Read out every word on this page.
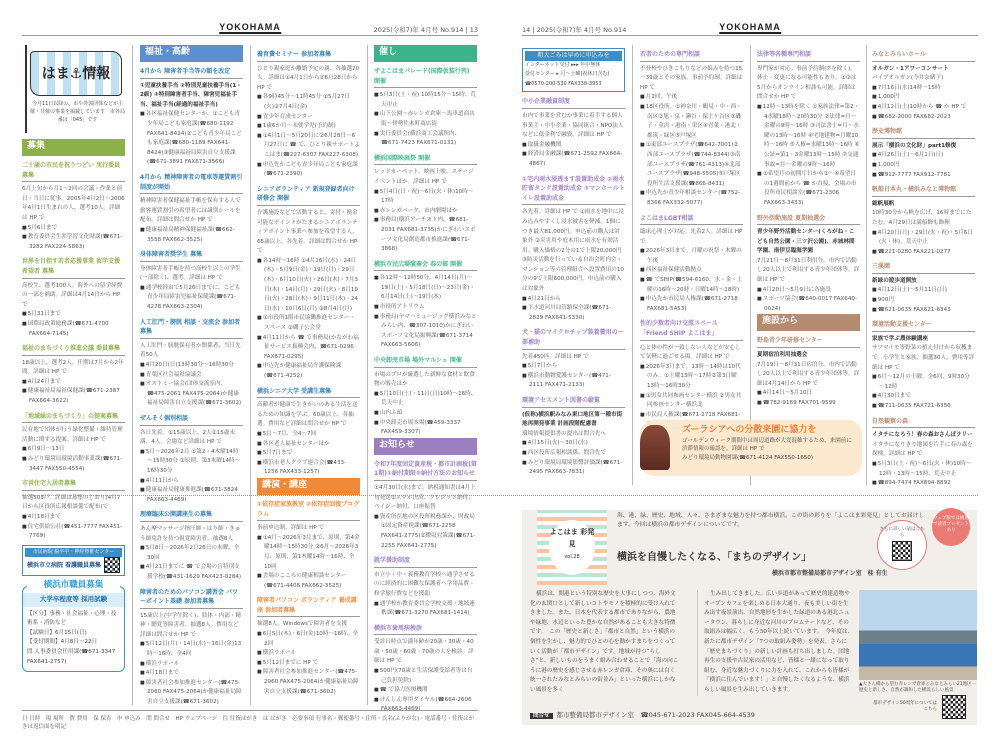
YOKOHAMA	2025(令和7)年 4月号 No.914 | 13
はま⚓情報
今月11日以降の、市や外郭団体などが主催・共催の事業を掲載しています　市外局番は「045」です
募集
二十歳の市民を祝うつどい 実行委員募集
6月上旬から月1～2回の会議・作業と前日・当日に従事。2005年4月2日～2006年4月1日生まれの人、選考10人。詳細は HP で
■ 5月6日まで
■ 教育委員会生涯学習文化財課(☎671-3282 FAX224-5863)
世界を目指す若者応援事業 留学支援希望者 募集
高校生、選考100人。海外への留学経費の一部を補助。詳細は4月14日から HP で
■ 5月31日まで
■ 国際局政策総務課(☎671-4700 FAX664-7145)
福祉のまちづくり推進会議 委員募集
18歳以上、選考2人。任期は7月から2年間。詳細は HP で
■ 4月24日まで
■ 健康福祉局福祉保健課(☎671-2387 FAX664-3622)
「地域緑のまちづくり」の提案募集
民有地で団体が行う緑化整備・維持管理活動に関する提案。詳細は HP で
■ 6月9日～13日
■ みどり環境局環境活動事業課(☎671-3447 FAX550-4554)
市営住宅入居者募集
抽選503戸。詳細は募集のしおり(4月7日から区役所広報相談係で配布)で
■ 4月18日まで
■ 住宅供給公社(☎451-7777 FAX451-7769)
市民病院 脳卒中・神経脊椎センター
横浜市立病院 看護職員募集
横浜市職員募集
大学卒程度等 採用試験
【区分】事務・社会福祉・心理・技術系・消防など
【試験日】6月15日(日)
【受付期間】4月8日～22日
問 人事委員会任用課(☎671-3347 FAX641-2757)
福祉・高齢
4月から 障害者手当等の額を改定
①児童扶養手当 ②特別児童扶養手当(1・2級) ③特別障害者手当、障害児福祉手当、福祉手当(経過的福祉手当)
■ 各区福祉保健センターか、①こども青少年局こども家庭課(☎680-1192 FAX641-8424)②こども青少年局こども家庭課(☎680-1189 FAX641-8424)③健康福祉局障害自立支援課(☎671-3891 FAX671-3566)
4月から 精神障害者の電車等運賃割引制度が開始
精神障害者保健福祉手帳を保有する人で旅客運賃割引の希望者には識別シールを配布。詳細は問合せか HP で
■ 健康福祉局精神保健福祉課(☎662-3558 FAX662-3525)
身体障害者奨学生 募集
身体障害者手帳を持つ高校生以上の学生(一部除く)、選考。詳細は HP で
■ 通学校経由で5月26日までに、こども青少年局障害児福祉保健課(☎671-4278 FAX663-2304)
人工肛門・膀胱 相談・交流会 参加者募集
人工肛門・膀胱保有者か関係者、当日先着50人
■ 4月20日(日)13時30分～16時30分
■ 青葉区社会福祉協議会
■ オストミー協会(団体交流室内、☎475-2061 FAX475-2064)か健康福祉局障害自立支援課(☎671-3602)
ぜんそく個別相談
各日先着。①15歳以上、2人②15歳未満、4人。会場など詳細は HP で
■ 5月～2026年2月 ①第2・4木曜14時～15時30分 ②原則、第3木曜14時～16時30分
■ 4月11日から
■ 健康福祉局健康推進課(☎671-3824 FAX663-4469)
理療臨床公開講座生の募集
あん摩マッサージ指圧師・はり師・きゅう師免許を持つ視覚障害者、抽選8人
■ 5月8日～2026年2月26日の木曜、全30回
■ 4月21日までに ☎ で会場の盲特別支援学校(☎431-1629 FAX423-0284)
障害者のためのパソコン講習会 パワーポイント基礎 参加者募集
15歳以上(中学生除く)、肢体・内部・精神・聴覚等障害者、抽選8人。費用など詳細は問合せか HP で
■ 5月12日(月)・14日(水)～16日(金)13時～16時、全4回
■ 横浜ラポール
■ 4月18日まで
■ 障害者社会参加推進センター(☎475-2060 FAX475-2064)か健康福祉局障害自立支援課(☎671-3602)
養育費セミナー 参加者募集
ひとり親家庭か離婚予定の親、各抽選20人。詳細は①4月1日から②6月28日から HP で
■ 各9時45分～11時45分 ①5月27日(火)②7月4日(金)
■ 青少年育成センター
■ 1歳6か月～未就学児(予約制)
■ ①4月1日～5月20日に②6月28日～6月27日に ☎ で、ひとり親サポートよこはま(☎227-6307 FAX227-6308)
■ 申込先かこども青少年局こども家庭課(☎671-2390)
シニアボランティア 新規登録者向け研修会 開催
介護施設などで活動すると、寄付・換金可能なポイントがたまるシニアボランティアポイント事業へ参加を希望する人。65歳以上、各先着。詳細は問合せか HP で
■ 各14時～16時 ①4月16日(水)・24日(木)・5月9日(金)・19日(月)・29日(木)・6月10日(火)・26日(木)・7月3日(木)・14日(月)・29日(火)・8月19日(火)・28日(木)・9月11日(木)・24日(水)・10月6日(月) ②8月4日(月)
■ ①市役所1階市民協働推進センター・スペース ②磯子公会堂
■ 4月11日から ☎ で事務局(かながわ福祉サービス振興会内、☎671-0296 FAX671-0295)
■ 申込先か健康福祉局介護保険課(☎671-4252)
横浜シニア大学 受講生募集
高齢者が健康で生きがいのある生活を送るための知識を学ぶ。60歳以上、各抽選。費用など詳細は問合せか HP で
■ 5月～7月、全4～7回
■ 各区老人福祉センターほか
■ 5月7日まで
■ 横浜市老人クラブ連合会(☎433-1256 FAX433-1257)
講演・講座
①依存症家族教室 ②依存症回復プログラム
事前申込制。詳細は HP で
■ ①4月～2026年3月まで、原則、第4金曜14時～15時30分 ②6月～2026年3月、原則、第1木曜14時～16時、全10回
■ 会場のこころの健康相談センター(☎671-4408 FAX662-3525)
障害者パソコン ボランティア 養成講座 参加者募集
抽選8人。Windowsで障害者を支援
■ 6月5日(木)・6日(金)10時～16時、全2回
■ 横浜ラポール
■ 5月12日までに HP で
■ 障害者社会参加推進センター(☎475-2060 FAX475-2064)か健康福祉局障害自立支援課(☎671-3602)
催し
ザよこはまパレード(国際仮装行列) 開催
■ 5月3日(土・祝) 10時15分～15時、荒天中止
■ 山下公園～赤レンガ倉庫～馬車道商店街～伊勢佐木町商店街
■ 実行委員会(横浜商工会議所内、☎671-7423 FAX671-0131)
横浜国際映画祭 開催
レッドカーペット、映画上映、ステージイベントほか。詳細は HP で
■ 5月4日(日・祝)～6日(火・休)10時～17時
■ 赤レンガパーク、市内劇場ほか
■ 事務局(横浜アーチスト内、☎681-2031 FAX681-3735)かにぎわいスポーツ文化局創造都市推進課(☎671-3868)
横浜市民広場演奏会 春の部 開催
■ 各12時～12時50分。4月14日(月)～19日(土)・5月18日(日)～23日(金)・6月14日(土)～19日(木)
■ 市役所アトリウム
■ 事務局(ヤマハミュージック横浜みなとみらい内、☎307-1010)かにぎわいスポーツ文化局振興課(☎671-3714 FAX663-5606)
中央卸売市場 場外マルシェ 開催
市場のプロが厳選した新鮮な食材と飲食物の販売ほか
■ 5月10日(土)・11日(日)10時～16時、荒天中止
■ 山内ふ頭
■ 中央卸売市場本場(☎459-3337 FAX459-3307)
お知らせ
令和7年度固定資産税・都市計画税(第1期)①納付期限②納付方法のお知らせ
①4月30日(水)まで。納税通知書は4月上旬発送②スマホ決済、クレジット納付、ペイジー納付、口座振替
■ 資産所在地の区役所税務課か、財政局①固定資産税課(☎671-2258 FAX641-2775)②徴収対策課(☎671-2255 FAX641-2775)
就学援助制度
市立小・中・義務教育学校へ通学させるのに経済的に困難な保護者へ学用品費・修学旅行費などを援助
■ 通学校か教育委員会学校支援・地域連携課(☎671-3270 FAX681-1414)
横浜市歯周病検診
受診日時点で満年齢が20歳・30歳・40歳・50歳・60歳・70歳の人を検診。詳細は HP で
■ 500円(70歳と生活保護受給者等は自己負担免除)
■ ☎ で協力医療機関
■ けんしん専用ダイヤル(☎664-2606 FAX663-4469)
日 日時　場 場所　費 費用　保 保育　申 申込み　問 問合せ　HP ウェブページ　往 往復はがき　は はがき　必要事項 行事名・郵便番号・住所・氏名(ふりがな)・電話番号・往復はがきは返信面を明記
14 | 2025(令和7)年 4月号 No.914	YOKOHAMA
粗大ごみは早めに申込みを
インターネット受付 ▸▸▸ 年中無休
受付センター ▸ 月～土曜(祝休日含む)
☎0570-200-530 FAX330-3953
中小企業融資制度
市内で事業を営むか事業に着手する個人事業主・中小企業・協同組合・NPO法人などに低金利で融資。詳細は HP で
■ 取扱金融機関
■ 経済局金融課(☎671-2592 FAX664-4867)
①宅内雨水浸透ます設置助成金 ②雨水貯留タンク設置助成金 ③マンホールトイレ設置助成金
各先着。詳細は HP で ①雨水を地中に浸み込みやすくし浸水被害を軽減。1個につき最大81,000円。申込前の購入は対象外 ②災害用や庭木用に雨水を有効活用。購入価格の2分の1で上限20,000円 ③防災活動を行っている自治会町内会・マンション等の管理組合へ設置費用の10分の9で上限600,000円。申込前の購入は対象外
■ 4月21日から
■ 下水道河川局管路保全課(☎671-2829 FAX641-5330)
犬・猫のマイクロチップ装着費用の一部補助
先着450匹。詳細は HP で
■ 5月7日から
■ 横浜市動物愛護センター(☎471-2111 FAX471-2133)
環境アセスメント図書の縦覧
(仮称)横浜駅みなみ東口地区第一種市街地再開発事業 計画段階配慮書
環境情報提供書の提出は問合先へ
■ 4月15日(火)～30日(水)
■ 西区役所広報相談係、問合先で
■ みどり環境局環境影響評価課(☎671-2495 FAX663-7831)
若者のための専門相談
不登校やひきこもりなどの悩みを持つ15～39歳とその家族。事前予約制。詳細は HP で
■ 月2回、午後
■ 18区役所。①神奈川・鶴見・中・西・南区②旭・泉・瀬谷・保土ケ谷区③磯子・金沢・港南・栄区④青葉・港北・都筑・緑区⑤戸塚区
■ ①東部ユースプラザ(☎642-7001)②西部ユースプラザ(☎744-8344)③南部ユースプラザ(☎761-4313)④北部ユースプラザ(☎948-5505)⑤戸塚区役所生活支援課(☎866-8431)
■ 申込先か青少年相談センター(☎752-8366 FAX332-5077)
よこはまLGBT相談
臨床心理士が対応。先着2人。詳細は HP で
■ 2026年3月まで。月曜の祝祭・木曜の午後
■ 西区福祉保健活動拠点
■ ☎ でSHIP(☎594-6160、水・金・土曜の16時～20時・日曜14時～18時)
■ 申込先か市民局人権課(☎671-2718 FAX681-5453)
性的少数者向け交流スペース「Friend SHIP よこはま」
心と体の性が一致しない人などが安心して気軽に過ごせる場。詳細は HP で
■ 2026年3月まで。13時～14時は10代のみ。①土曜13時～17時②第3日曜13時～16時30分
■ ①男女共同参画センター横浜 ②男女共同参画センター横浜北
■ 市民局人権課(☎671-2718 FAX681-
法律等各種専門相談
専門家が対応。事前予約制(⑦を除く)。休止・変更になる可能性もあり。①②は5月からオンライン相談も可能。詳細は問合せか HP で
■ 12時～13時を除く ①家族法律=第2・4水曜18時～20時30分 ②法律=月～金曜の9時～16時 ③司法書士=月～水曜の13時～16時 ④宅地建物=月曜10時～16時 ⑤人権=水曜13時～16時 ⑥公証=第1・3金曜13時～15時 ⑦交通事故=月～金曜の9時～16時
■ ①希望月の初開庁日から②～⑥希望日の1週間前から ☎ か直接、会場の市役所市民相談室(☎671-2306 FAX663-3433)
野外活動施設 夏期抽選会
青少年野外活動センター(くろがね・こども自然公園・三ツ沢公園)、赤城林間学園、南伊豆臨海学園
7月21日～8月31日利用分。市内で活動し20人以上で利用する青少年団体等。詳細は HP で
■ 4月20日～5月9日に各施設
■ スポーツ協会(☎640-0017 FAX640-0024)
施設から
野島青少年研修センター
夏期宿泊利用抽選会
7月19日～8月31日宿泊分。市内で活動し20人以上で利用する青少年団体等。詳細は4月14日から HP で
■ 4月14日～5月10日
■ ☎782-9169 FAX701-9599
みなとみらいホール
オルガン・1アワーコンサート
パイプオルガン(今井奈緒子)
■ 7月16日(水)14時～15時
■ 1,000円
■ 4月12日(土)10時から ☎ か HP で
■ ☎682-2000 FAX682-2023
歴史博物館
展示「横浜の文化財」part1修復
■ 4月26日(土)～6月1日(日)
■ 1,000円
■ ☎912-7777 FAX912-7781
帆船日本丸・横浜みなと博物館
総帆展帆
10時30分から帆を広げ、16時までにたたむ。4月29日は満船飾も飾揮
■ 4月20日(日)・29日(火・祝)・5月6日(火・休)、荒天中止
■ ☎221-0280 FAX221-0277
三溪園
新緑の遊歩道開放
■ 4月12日(土)～5月11日(日)
■ 900円
■ ☎621-0635 FAX621-6343
環境活動支援センター
家族で学ぶ農体験講座
サツマイモ等野菜の植え付けから収穫まで。小学生と家族、抽選30人。費用等詳細は HP で
■ 6月～12月の土曜、全6回、9時30分～12時
■ 4月30日まで
■ ☎711-0635 FAX721-6356
自然観察の森
イタチになろう！春の森おさんぽラリー
イタチになりきり地図を片手に春の森を探検。詳細は HP で
■ 5月3日(土・祝)～6日(火・休)10時～12時・13時～15時、荒天中止
■ ☎894-7474 FAX894-8892
ズーラシアへの分散来園に協力を
ゴールデンウィーク期間中は周辺道路が大変混雑するため、来園前に渋滞情報の確認を。詳細は HP で
みどり環境局動物園課(☎671-4124 FAX550-1650)
よこはま 彩発見
vol.28
海、港、緑、歴史、地域、人々、さまざまな魅力を持つ都市横浜。この街の彩りを「よこはま彩発見」としてお届けします。今回は横浜の都市デザインについてです。
横浜を自慢したくなる、「まちのデザイン」
横浜市都市整備局都市デザイン室　桂 有生
さらに詳しい話はこちら
ウェブ版では抽選で読者プレゼントあり
横浜は、開港という特別な歴史を大事にしつつ、海外文化の玄関口として新しいコトやモノを積極的に受け入れてきました。また、日本を代表する都市でありながら、農地や緑地、水辺といった豊かな自然があることも大きな特徴です。　この「歴史と新しさ」「都市と自然」という横浜の個性を生かし、魅力的でひとの心を動かすまちをつくっていく活動が「都市デザイン」です。地域が持つ“らしさ”と、新しいものをうまく組み合わせることで「海の向こうに港の歴史を感じさせる赤レンガ倉庫、その奥には白く統一されたみなとみらいの街並み」といった横浜にしかない風景を多く
生み出してきました。広い歩道があって歴史的建造物やオープンカフェを楽しめる日本大通り、夜も美しい街を生み出す夜景演出、自然地形を生かした緑道のある港北ニュータウン、暮らしに身近な河川のプロムナードなど、その取組みは幅広く、もう50年以上続いています。　今年度は、新たに都市デザイン「7つの取組み姿勢」を発表。さらに「歴史まちづくり」の新しい計画も打ち出しました。団地再生の支援や古民家の活用など、皆様と一緒になって取り組む、身近な魅力づくりに力を入れて、これからも皆様が「横浜に住んでいます！」と自慢したくなるような、横浜らしい風景を生み出していきます。
▲大さん橋から望む赤レンガ倉庫とみなとみらい21地区－歴史と新しさ、自然が調和した横浜らしい風景
都市デザイン50周年についてはこちら
問合せ 都市整備局都市デザイン室　☎045-671-2023 FAX045-664-4539
